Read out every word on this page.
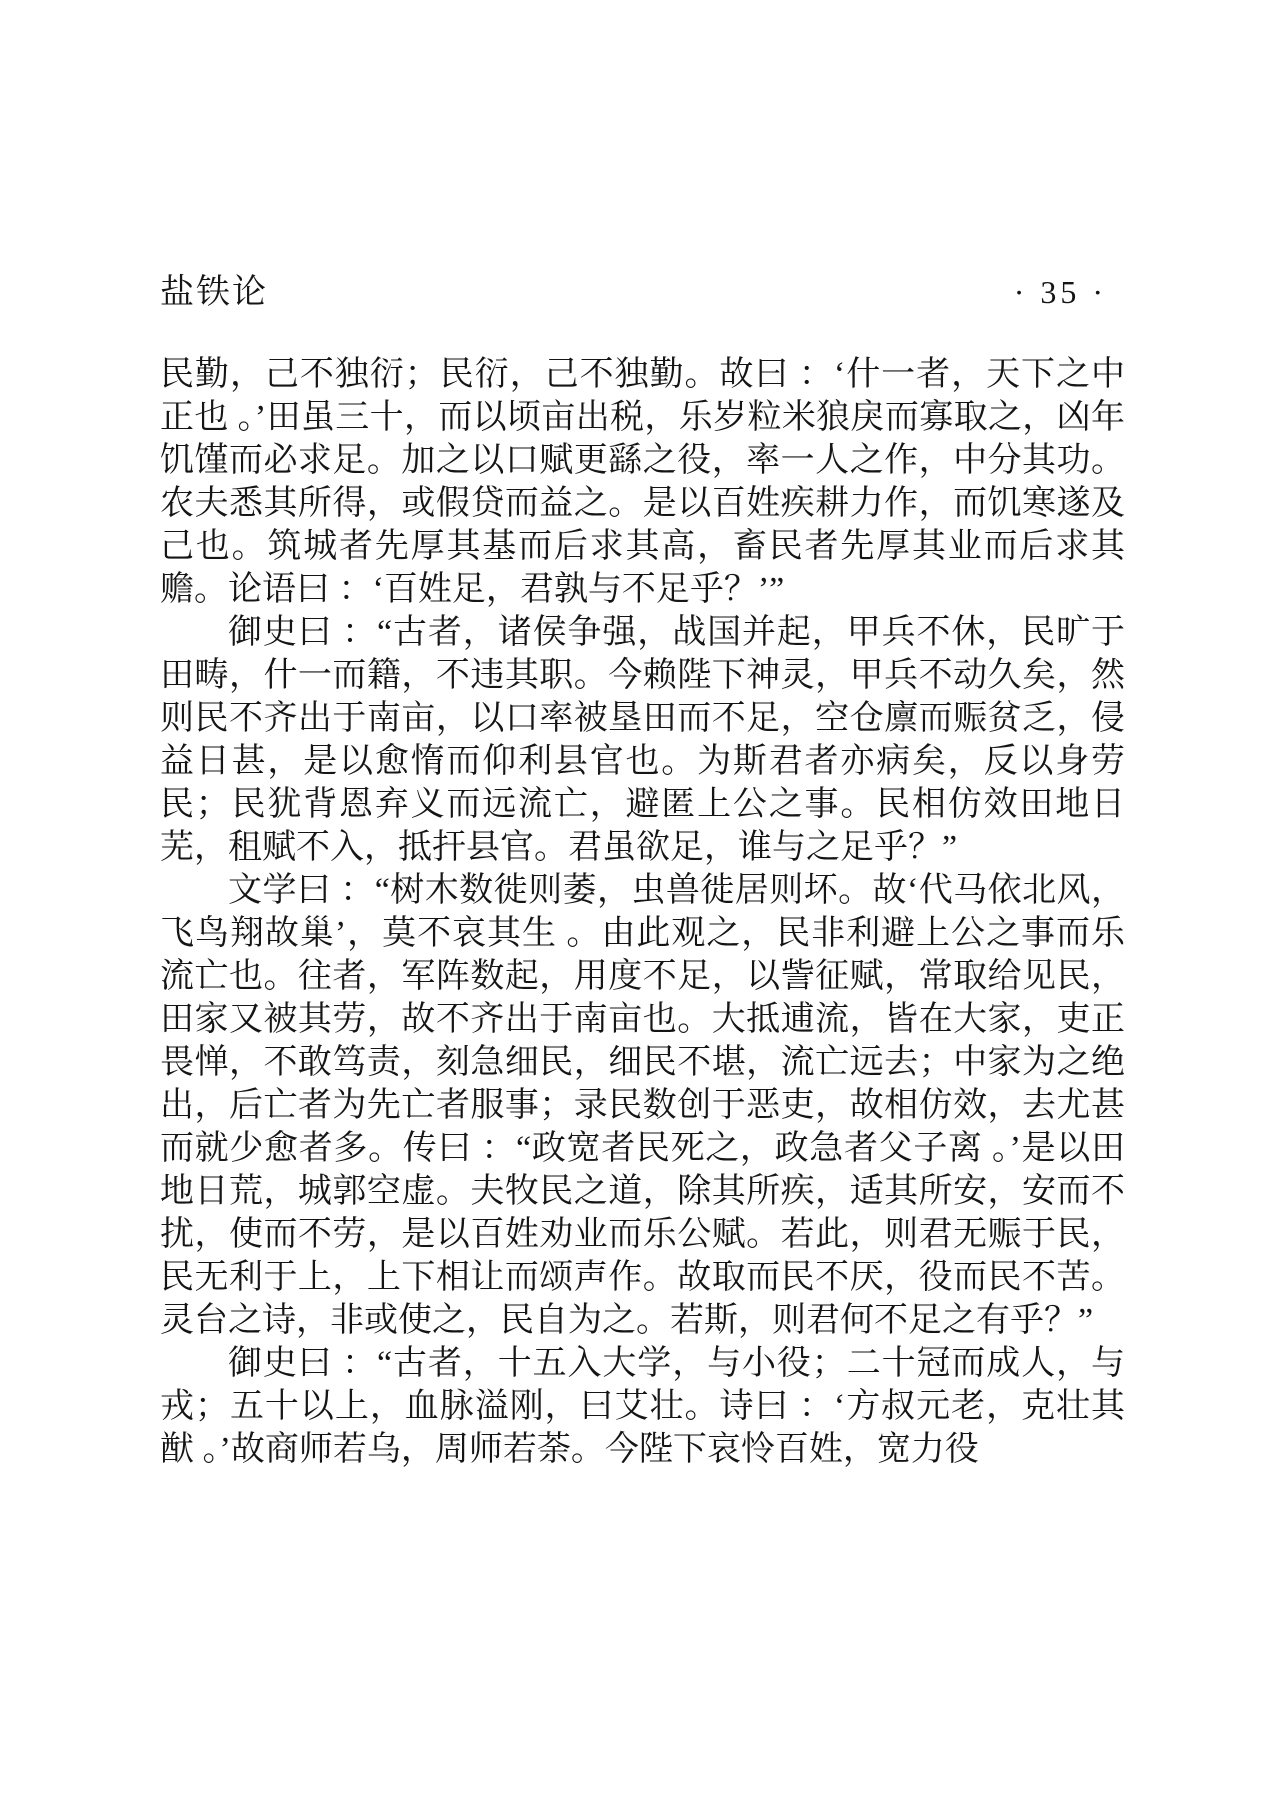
盐铁论	· 35 ·

民勤，己不独衍；民衍，己不独勤。故曰 ：‘什一者，天下之中正也 。’田虽三十，而以顷亩出税，乐岁粒米狼戾而寡取之，凶年饥馑而必求足。加之以口赋更繇之役，率一人之作，中分其功。农夫悉其所得，或假贷而益之。是以百姓疾耕力作，而饥寒遂及己也。筑城者先厚其基而后求其高，畜民者先厚其业而后求其赡。论语曰 ：‘百姓足，君孰与不足乎？’”

御史曰 ：“古者，诸侯争强，战国并起，甲兵不休，民旷于田畴，什一而籍，不违其职。今赖陛下神灵，甲兵不动久矣，然则民不齐出于南亩，以口率被垦田而不足，空仓廪而赈贫乏，侵益日甚，是以愈惰而仰利县官也。为斯君者亦病矣，反以身劳民；民犹背恩弃义而远流亡，避匿上公之事。民相仿效田地日芜，租赋不入，抵扞县官。君虽欲足，谁与之足乎？”

文学曰 ：“树木数徙则萎，虫兽徙居则坏。故‘代马依北风，飞鸟翔故巢’，莫不哀其生 。由此观之，民非利避上公之事而乐流亡也。往者，军阵数起，用度不足，以訾征赋，常取给见民，田家又被其劳，故不齐出于南亩也。大抵逋流，皆在大家，吏正畏惮，不敢笃责，刻急细民，细民不堪，流亡远去；中家为之绝出，后亡者为先亡者服事；录民数创于恶吏，故相仿效，去尤甚而就少愈者多。传曰 ：“政宽者民死之，政急者父子离 。’是以田地日荒，城郭空虚。夫牧民之道，除其所疾，适其所安，安而不扰，使而不劳，是以百姓劝业而乐公赋。若此，则君无赈于民，民无利于上，上下相让而颂声作。故取而民不厌，役而民不苦。灵台之诗，非或使之，民自为之。若斯，则君何不足之有乎？”

御史曰 ：“古者，十五入大学，与小役；二十冠而成人，与戎；五十以上，血脉溢刚，曰艾壮。诗曰 ：‘方叔元老，克壮其猷 。’故商师若乌，周师若荼。今陛下哀怜百姓，宽力役
